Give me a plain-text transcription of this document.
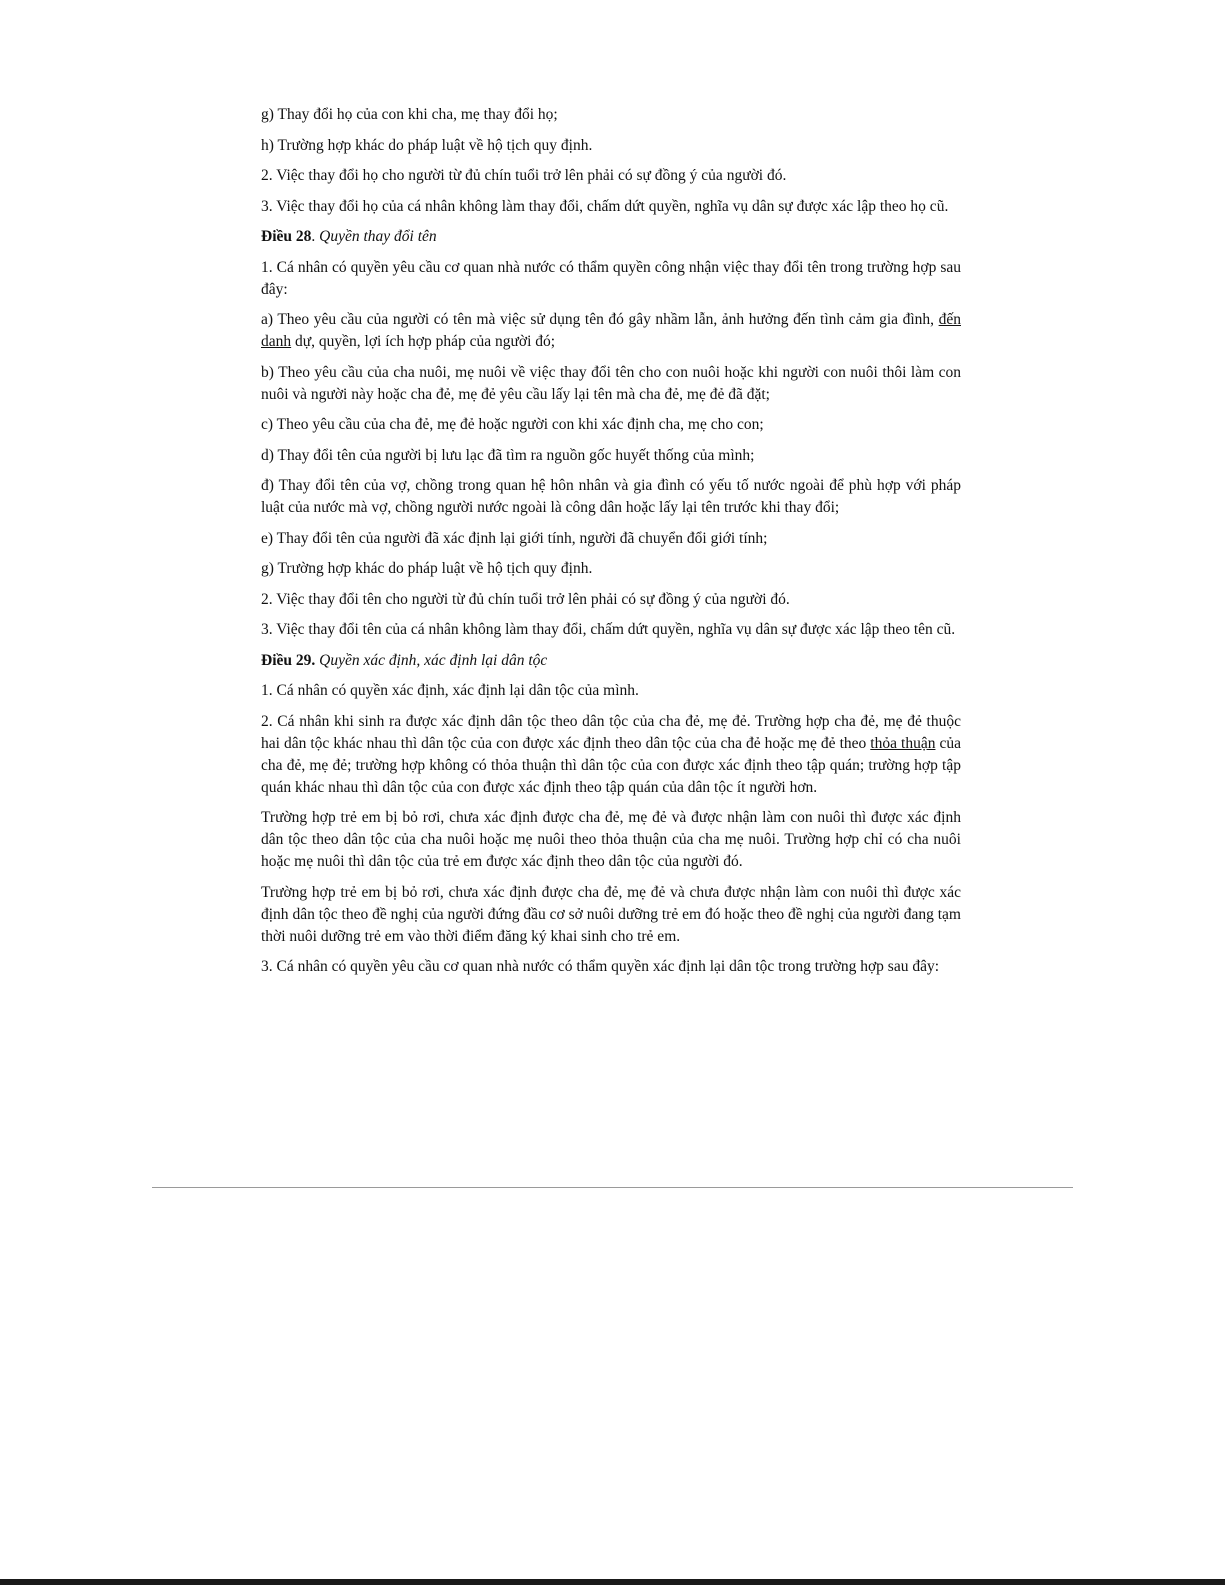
g) Thay đổi họ của con khi cha, mẹ thay đổi họ;

h) Trường hợp khác do pháp luật về hộ tịch quy định.

2. Việc thay đổi họ cho người từ đủ chín tuổi trở lên phải có sự đồng ý của người đó.

3. Việc thay đổi họ của cá nhân không làm thay đổi, chấm dứt quyền, nghĩa vụ dân sự được xác lập theo họ cũ.

Điều 28. Quyền thay đổi tên

1. Cá nhân có quyền yêu cầu cơ quan nhà nước có thẩm quyền công nhận việc thay đổi tên trong trường hợp sau đây:

a) Theo yêu cầu của người có tên mà việc sử dụng tên đó gây nhầm lẫn, ảnh hưởng đến tình cảm gia đình, đến danh dự, quyền, lợi ích hợp pháp của người đó;

b) Theo yêu cầu của cha nuôi, mẹ nuôi về việc thay đổi tên cho con nuôi hoặc khi người con nuôi thôi làm con nuôi và người này hoặc cha đẻ, mẹ đẻ yêu cầu lấy lại tên mà cha đẻ, mẹ đẻ đã đặt;

c) Theo yêu cầu của cha đẻ, mẹ đẻ hoặc người con khi xác định cha, mẹ cho con;

d) Thay đổi tên của người bị lưu lạc đã tìm ra nguồn gốc huyết thống của mình;

đ) Thay đổi tên của vợ, chồng trong quan hệ hôn nhân và gia đình có yếu tố nước ngoài để phù hợp với pháp luật của nước mà vợ, chồng người nước ngoài là công dân hoặc lấy lại tên trước khi thay đổi;

e) Thay đổi tên của người đã xác định lại giới tính, người đã chuyển đổi giới tính;

g) Trường hợp khác do pháp luật về hộ tịch quy định.

2. Việc thay đổi tên cho người từ đủ chín tuổi trở lên phải có sự đồng ý của người đó.

3. Việc thay đổi tên của cá nhân không làm thay đổi, chấm dứt quyền, nghĩa vụ dân sự được xác lập theo tên cũ.

Điều 29. Quyền xác định, xác định lại dân tộc

1. Cá nhân có quyền xác định, xác định lại dân tộc của mình.

2. Cá nhân khi sinh ra được xác định dân tộc theo dân tộc của cha đẻ, mẹ đẻ. Trường hợp cha đẻ, mẹ đẻ thuộc hai dân tộc khác nhau thì dân tộc của con được xác định theo dân tộc của cha đẻ hoặc mẹ đẻ theo thỏa thuận của cha đẻ, mẹ đẻ; trường hợp không có thỏa thuận thì dân tộc của con được xác định theo tập quán; trường hợp tập quán khác nhau thì dân tộc của con được xác định theo tập quán của dân tộc ít người hơn.

Trường hợp trẻ em bị bỏ rơi, chưa xác định được cha đẻ, mẹ đẻ và được nhận làm con nuôi thì được xác định dân tộc theo dân tộc của cha nuôi hoặc mẹ nuôi theo thỏa thuận của cha mẹ nuôi. Trường hợp chỉ có cha nuôi hoặc mẹ nuôi thì dân tộc của trẻ em được xác định theo dân tộc của người đó.

Trường hợp trẻ em bị bỏ rơi, chưa xác định được cha đẻ, mẹ đẻ và chưa được nhận làm con nuôi thì được xác định dân tộc theo đề nghị của người đứng đầu cơ sở nuôi dưỡng trẻ em đó hoặc theo đề nghị của người đang tạm thời nuôi dưỡng trẻ em vào thời điểm đăng ký khai sinh cho trẻ em.

3. Cá nhân có quyền yêu cầu cơ quan nhà nước có thẩm quyền xác định lại dân tộc trong trường hợp sau đây:
